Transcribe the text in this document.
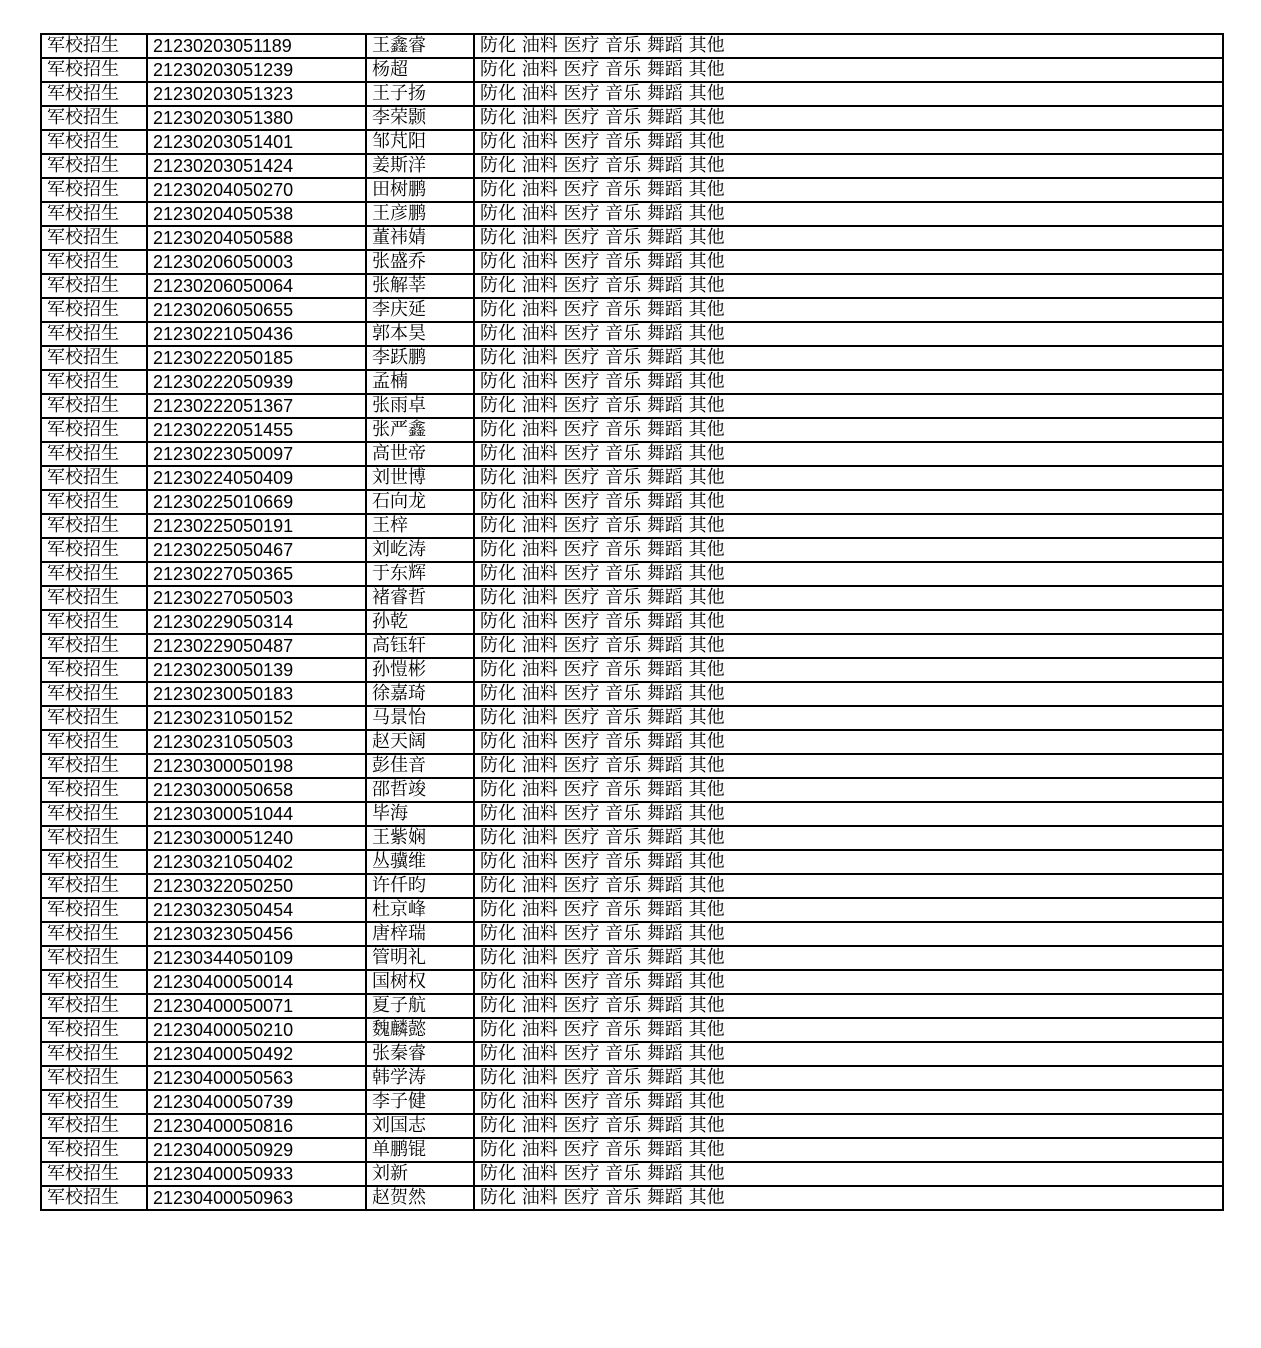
军校招生	21230203051189	王鑫睿	防化 油料 医疗 音乐 舞蹈 其他
军校招生	21230203051239	杨超	防化 油料 医疗 音乐 舞蹈 其他
军校招生	21230203051323	王子扬	防化 油料 医疗 音乐 舞蹈 其他
军校招生	21230203051380	李荣颢	防化 油料 医疗 音乐 舞蹈 其他
军校招生	21230203051401	邹芃阳	防化 油料 医疗 音乐 舞蹈 其他
军校招生	21230203051424	姜斯洋	防化 油料 医疗 音乐 舞蹈 其他
军校招生	21230204050270	田树鹏	防化 油料 医疗 音乐 舞蹈 其他
军校招生	21230204050538	王彦鹏	防化 油料 医疗 音乐 舞蹈 其他
军校招生	21230204050588	董祎婧	防化 油料 医疗 音乐 舞蹈 其他
军校招生	21230206050003	张盛乔	防化 油料 医疗 音乐 舞蹈 其他
军校招生	21230206050064	张解莘	防化 油料 医疗 音乐 舞蹈 其他
军校招生	21230206050655	李庆延	防化 油料 医疗 音乐 舞蹈 其他
军校招生	21230221050436	郭本昊	防化 油料 医疗 音乐 舞蹈 其他
军校招生	21230222050185	李跃鹏	防化 油料 医疗 音乐 舞蹈 其他
军校招生	21230222050939	孟楠	防化 油料 医疗 音乐 舞蹈 其他
军校招生	21230222051367	张雨卓	防化 油料 医疗 音乐 舞蹈 其他
军校招生	21230222051455	张严鑫	防化 油料 医疗 音乐 舞蹈 其他
军校招生	21230223050097	高世帝	防化 油料 医疗 音乐 舞蹈 其他
军校招生	21230224050409	刘世博	防化 油料 医疗 音乐 舞蹈 其他
军校招生	21230225010669	石向龙	防化 油料 医疗 音乐 舞蹈 其他
军校招生	21230225050191	王梓	防化 油料 医疗 音乐 舞蹈 其他
军校招生	21230225050467	刘屹涛	防化 油料 医疗 音乐 舞蹈 其他
军校招生	21230227050365	于东辉	防化 油料 医疗 音乐 舞蹈 其他
军校招生	21230227050503	褚睿哲	防化 油料 医疗 音乐 舞蹈 其他
军校招生	21230229050314	孙乾	防化 油料 医疗 音乐 舞蹈 其他
军校招生	21230229050487	高钰轩	防化 油料 医疗 音乐 舞蹈 其他
军校招生	21230230050139	孙愷彬	防化 油料 医疗 音乐 舞蹈 其他
军校招生	21230230050183	徐嘉琦	防化 油料 医疗 音乐 舞蹈 其他
军校招生	21230231050152	马景怡	防化 油料 医疗 音乐 舞蹈 其他
军校招生	21230231050503	赵天阔	防化 油料 医疗 音乐 舞蹈 其他
军校招生	21230300050198	彭佳音	防化 油料 医疗 音乐 舞蹈 其他
军校招生	21230300050658	邵哲竣	防化 油料 医疗 音乐 舞蹈 其他
军校招生	21230300051044	毕海	防化 油料 医疗 音乐 舞蹈 其他
军校招生	21230300051240	王紫娴	防化 油料 医疗 音乐 舞蹈 其他
军校招生	21230321050402	丛骥维	防化 油料 医疗 音乐 舞蹈 其他
军校招生	21230322050250	许仟昀	防化 油料 医疗 音乐 舞蹈 其他
军校招生	21230323050454	杜京峰	防化 油料 医疗 音乐 舞蹈 其他
军校招生	21230323050456	唐梓瑞	防化 油料 医疗 音乐 舞蹈 其他
军校招生	21230344050109	管明礼	防化 油料 医疗 音乐 舞蹈 其他
军校招生	21230400050014	国树权	防化 油料 医疗 音乐 舞蹈 其他
军校招生	21230400050071	夏子航	防化 油料 医疗 音乐 舞蹈 其他
军校招生	21230400050210	魏麟懿	防化 油料 医疗 音乐 舞蹈 其他
军校招生	21230400050492	张秦睿	防化 油料 医疗 音乐 舞蹈 其他
军校招生	21230400050563	韩学涛	防化 油料 医疗 音乐 舞蹈 其他
军校招生	21230400050739	李子健	防化 油料 医疗 音乐 舞蹈 其他
军校招生	21230400050816	刘国志	防化 油料 医疗 音乐 舞蹈 其他
军校招生	21230400050929	单鹏锟	防化 油料 医疗 音乐 舞蹈 其他
军校招生	21230400050933	刘新	防化 油料 医疗 音乐 舞蹈 其他
军校招生	21230400050963	赵贺然	防化 油料 医疗 音乐 舞蹈 其他
